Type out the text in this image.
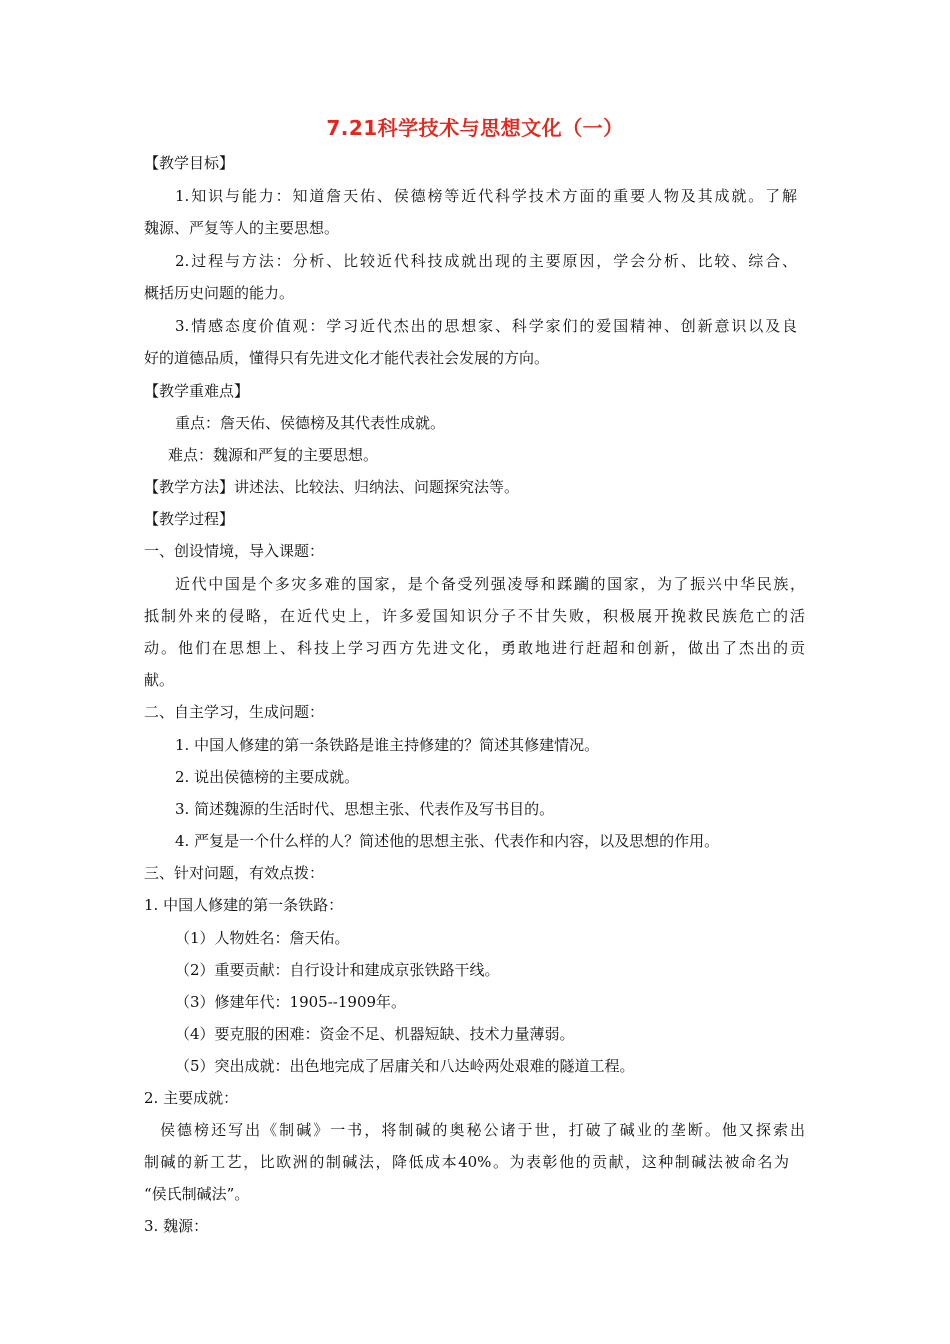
7.21科学技术与思想文化（一）
【教学目标】
1.知识与能力：知道詹天佑、侯德榜等近代科学技术方面的重要人物及其成就。了解
魏源、严复等人的主要思想。
2.过程与方法：分析、比较近代科技成就出现的主要原因，学会分析、比较、综合、
概括历史问题的能力。
3.情感态度价值观：学习近代杰出的思想家、科学家们的爱国精神、创新意识以及良
好的道德品质，懂得只有先进文化才能代表社会发展的方向。
【教学重难点】
重点：詹天佑、侯德榜及其代表性成就。
难点：魏源和严复的主要思想。
【教学方法】讲述法、比较法、归纳法、问题探究法等。
【教学过程】
一、创设情境，导入课题：
近代中国是个多灾多难的国家，是个备受列强凌辱和蹂躏的国家，为了振兴中华民族，
抵制外来的侵略，在近代史上，许多爱国知识分子不甘失败，积极展开挽救民族危亡的活
动。他们在思想上、科技上学习西方先进文化，勇敢地进行赶超和创新，做出了杰出的贡
献。
二、自主学习，生成问题：
1. 中国人修建的第一条铁路是谁主持修建的？简述其修建情况。
2. 说出侯德榜的主要成就。
3. 简述魏源的生活时代、思想主张、代表作及写书目的。
4. 严复是一个什么样的人？简述他的思想主张、代表作和内容，以及思想的作用。
三、针对问题，有效点拨：
1. 中国人修建的第一条铁路：
（1）人物姓名：詹天佑。
（2）重要贡献：自行设计和建成京张铁路干线。
（3）修建年代：1905--1909年。
（4）要克服的困难：资金不足、机器短缺、技术力量薄弱。
（5）突出成就：出色地完成了居庸关和八达岭两处艰难的隧道工程。
2. 主要成就：
侯德榜还写出《制碱》一书，将制碱的奥秘公诸于世，打破了碱业的垄断。他又探索出
制碱的新工艺，比欧洲的制碱法，降低成本40%。为表彰他的贡献，这种制碱法被命名为
“侯氏制碱法”。
3. 魏源：
